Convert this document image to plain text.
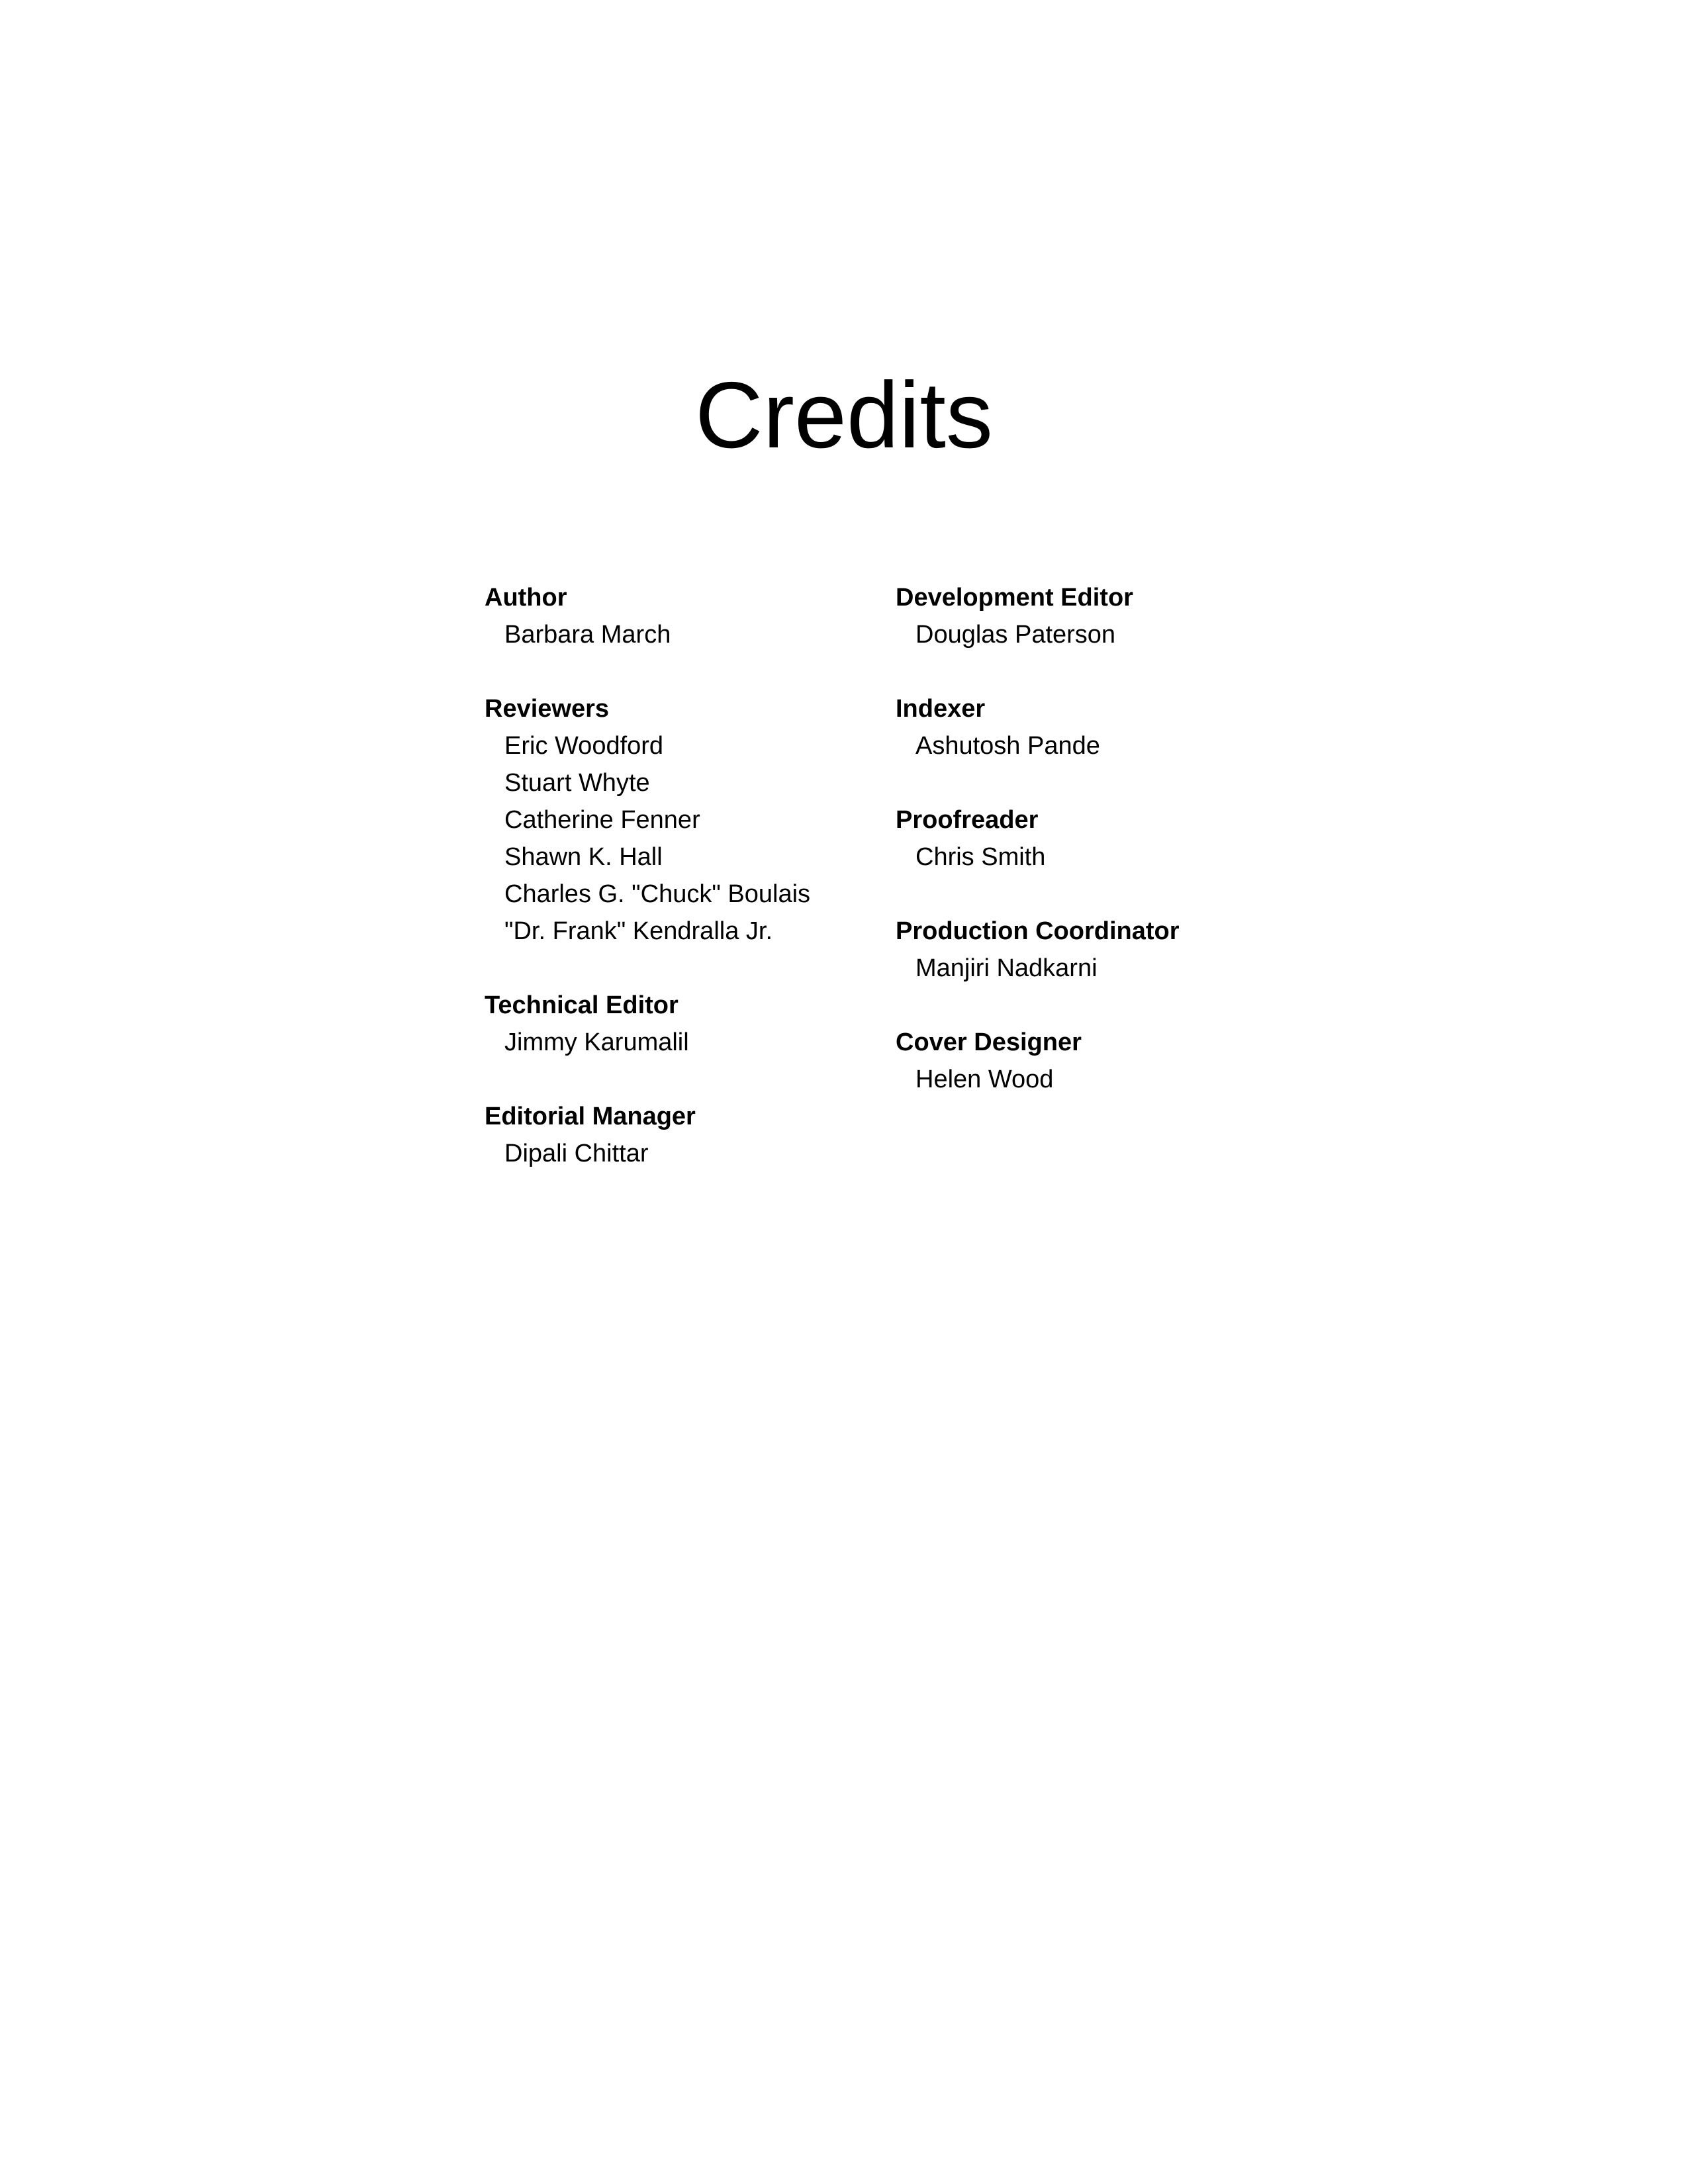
Credits

Author

Barbara March

Reviewers

Eric Woodford

Stuart Whyte

Catherine Fenner

Shawn K. Hall

Charles G. "Chuck" Boulais

"Dr. Frank" Kendralla Jr.

Technical Editor

Jimmy Karumalil

Editorial Manager

Dipali Chittar

Development Editor

Douglas Paterson

Indexer

Ashutosh Pande

Proofreader

Chris Smith

Production Coordinator

Manjiri Nadkarni

Cover Designer

Helen Wood
